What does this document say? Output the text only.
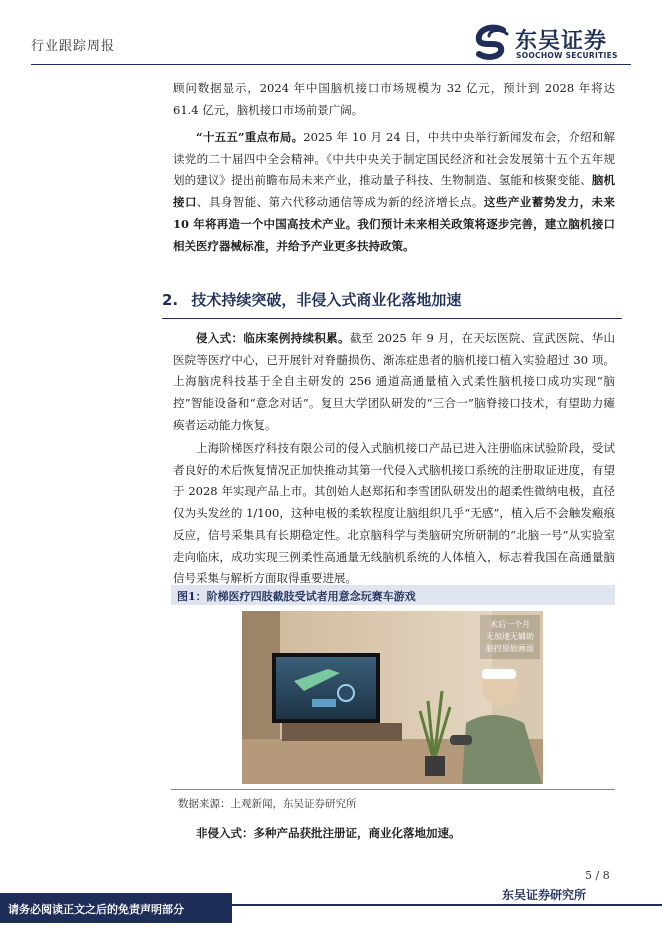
行业跟踪周报	东吴证券
SOOCHOW SECURITIES

顾问数据显示，2024 年中国脑机接口市场规模为 32 亿元，预计到 2028 年将达 61.4 亿元，脑机接口市场前景广阔。

“十五五”重点布局。2025 年 10 月 24 日，中共中央举行新闻发布会，介绍和解读党的二十届四中全会精神。《中共中央关于制定国民经济和社会发展第十五个五年规划的建议》提出前瞻布局未来产业，推动量子科技、生物制造、氢能和核聚变能、脑机接口、具身智能、第六代移动通信等成为新的经济增长点。这些产业蓄势发力，未来 10 年将再造一个中国高技术产业。我们预计未来相关政策将逐步完善，建立脑机接口相关医疗器械标准，并给予产业更多扶持政策。

2. 技术持续突破，非侵入式商业化落地加速

侵入式：临床案例持续积累。截至 2025 年 9 月，在天坛医院、宣武医院、华山医院等医疗中心，已开展针对脊髓损伤、渐冻症患者的脑机接口植入实验超过 30 项。上海脑虎科技基于全自主研发的 256 通道高通量植入式柔性脑机接口成功实现“脑控”智能设备和“意念对话”。复旦大学团队研发的“三合一”脑脊接口技术，有望助力瘫痪者运动能力恢复。

上海阶梯医疗科技有限公司的侵入式脑机接口产品已进入注册临床试验阶段，受试者良好的术后恢复情况正加快推动其第一代侵入式脑机接口系统的注册取证进度，有望于 2028 年实现产品上市。其创始人赵郑拓和李雪团队研发出的超柔性微纳电极，直径仅为头发丝的 1/100，这种电极的柔软程度让脑组织几乎“无感”，植入后不会触发瘢痕反应，信号采集具有长期稳定性。北京脑科学与类脑研究所研制的“北脑一号”从实验室走向临床，成功实现三例柔性高通量无线脑机系统的人体植入，标志着我国在高通量脑信号采集与解析方面取得重要进展。

图1：阶梯医疗四肢截肢受试者用意念玩赛车游戏
术后一个月
无加速无辅助
脑控原始画面
数据来源：上观新闻，东吴证券研究所
非侵入式：多种产品获批注册证，商业化落地加速。
5 / 8
请务必阅读正文之后的免责声明部分
东吴证券研究所
